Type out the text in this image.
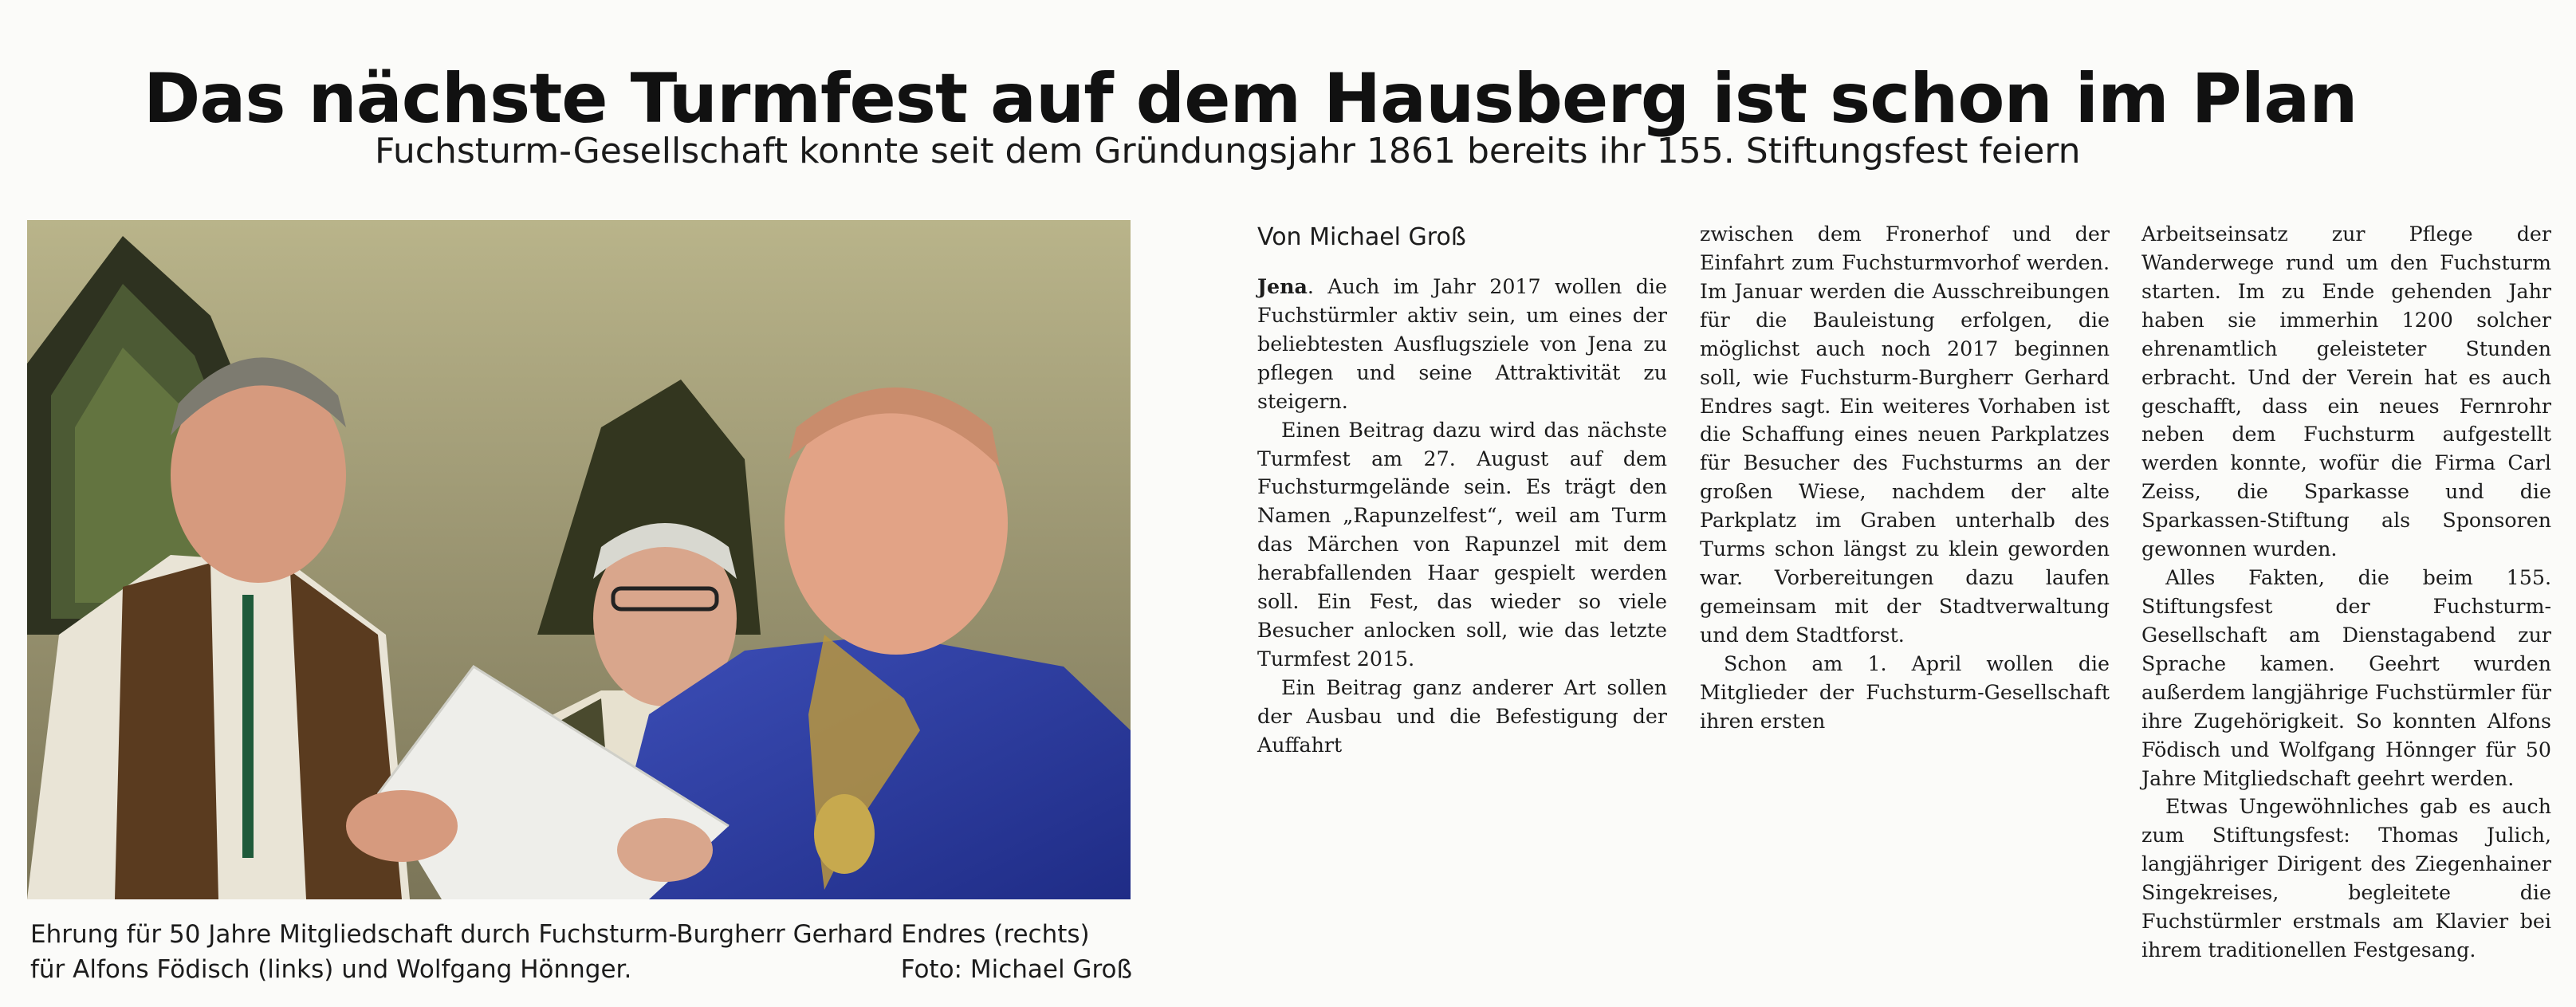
Das nächste Turmfest auf dem Hausberg ist schon im Plan
Fuchsturm-Gesellschaft konnte seit dem Gründungsjahr 1861 bereits ihr 155. Stiftungsfest feiern
Ehrung für 50 Jahre Mitgliedschaft durch Fuchsturm-Burgherr Gerhard Endres (rechts)
für Alfons Födisch (links) und Wolfgang Hönnger.	Foto: Michael Groß

Von Michael Groß

Jena. Auch im Jahr 2017 wollen die Fuchstürmler aktiv sein, um eines der beliebtesten Ausflugsziele von Jena zu pflegen und seine Attraktivität zu steigern.

Einen Beitrag dazu wird das nächste Turmfest am 27. August auf dem Fuchsturmgelände sein. Es trägt den Namen „Rapunzelfest“, weil am Turm das Märchen von Rapunzel mit dem herabfallenden Haar gespielt werden soll. Ein Fest, das wieder so viele Besucher anlocken soll, wie das letzte Turmfest 2015.

Ein Beitrag ganz anderer Art sollen der Ausbau und die Befestigung der Auffahrt

zwischen dem Fronerhof und der Einfahrt zum Fuchsturmvorhof werden. Im Januar werden die Ausschreibungen für die Bauleistung erfolgen, die möglichst auch noch 2017 beginnen soll, wie Fuchsturm-Burgherr Gerhard Endres sagt. Ein weiteres Vorhaben ist die Schaffung eines neuen Parkplatzes für Besucher des Fuchsturms an der großen Wiese, nachdem der alte Parkplatz im Graben unterhalb des Turms schon längst zu klein geworden war. Vorbereitungen dazu laufen gemeinsam mit der Stadtverwaltung und dem Stadtforst.

Schon am 1. April wollen die Mitglieder der Fuchsturm-Gesellschaft ihren ersten

Arbeitseinsatz zur Pflege der Wanderwege rund um den Fuchsturm starten. Im zu Ende gehenden Jahr haben sie immerhin 1200 solcher ehrenamtlich geleisteter Stunden erbracht. Und der Verein hat es auch geschafft, dass ein neues Fernrohr neben dem Fuchsturm aufgestellt werden konnte, wofür die Firma Carl Zeiss, die Sparkasse und die Sparkassen-Stiftung als Sponsoren gewonnen wurden.

Alles Fakten, die beim 155. Stiftungsfest der Fuchsturm-Gesellschaft am Dienstagabend zur Sprache kamen. Geehrt wurden außerdem langjährige Fuchstürmler für ihre Zugehörigkeit. So konnten Alfons Födisch und Wolfgang Hönnger für 50 Jahre Mitgliedschaft geehrt werden.

Etwas Ungewöhnliches gab es auch zum Stiftungsfest: Thomas Julich, langjähriger Dirigent des Ziegenhainer Singekreises, begleitete die Fuchstürmler erstmals am Klavier bei ihrem traditionellen Festgesang.
